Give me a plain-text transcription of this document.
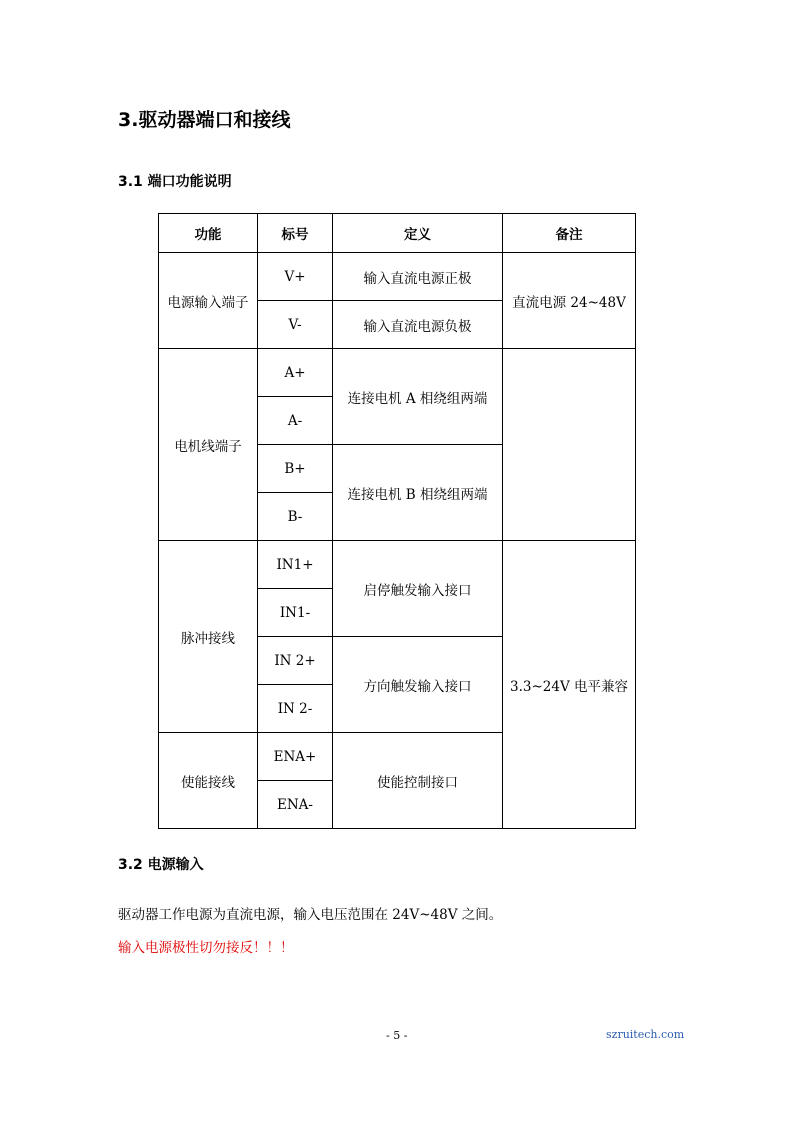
3.驱动器端口和接线
3.1 端口功能说明
功能	标号	定义	备注
电源输入端子	V+	输入直流电源正极	直流电源 24~48V
	V-	输入直流电源负极	
电机线端子	A+	连接电机 A 相绕组两端	
	A-		
	B+	连接电机 B 相绕组两端	
	B-		
脉冲接线	IN1+	启停触发输入接口	3.3~24V 电平兼容
	IN1-		
	IN 2+	方向触发输入接口	
	IN 2-		
使能接线	ENA+	使能控制接口	
	ENA-		
3.2 电源输入
驱动器工作电源为直流电源，输入电压范围在 24V~48V 之间。
输入电源极性切勿接反！！！
- 5 -	szruitech.com
